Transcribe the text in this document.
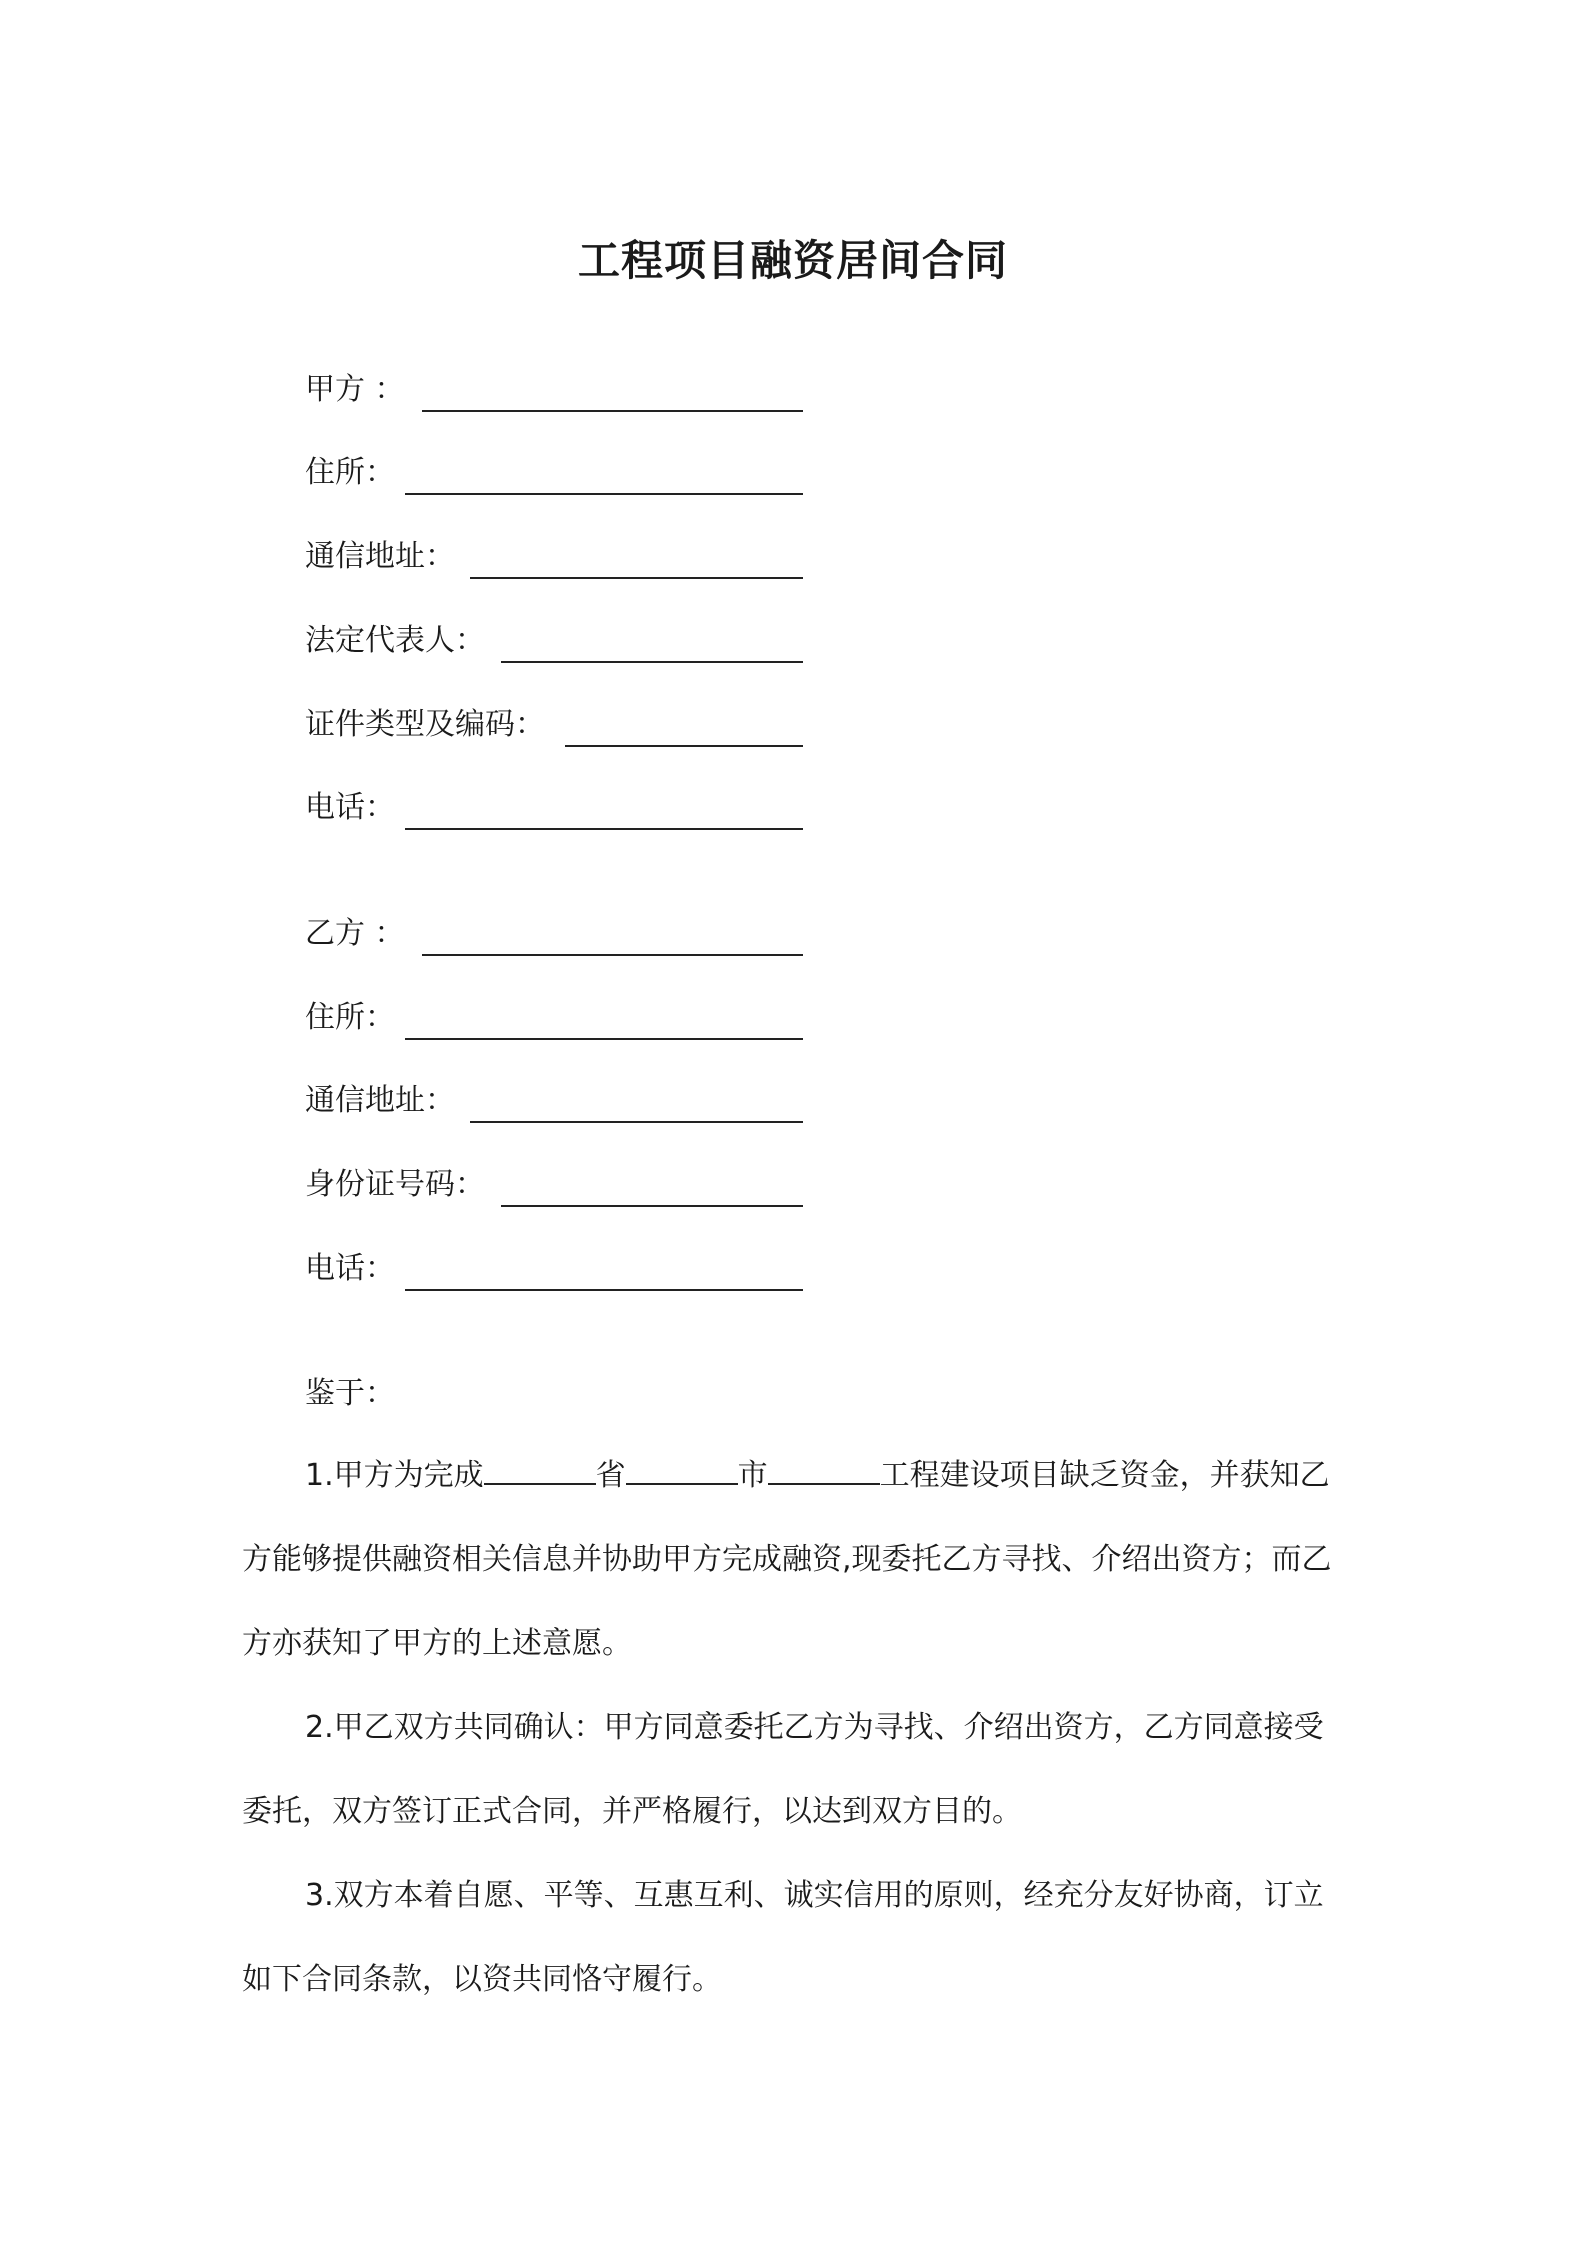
工程项目融资居间合同
甲方 ：
住所：
通信地址：
法定代表人：
证件类型及编码：
电话：
乙方 ：
住所：
通信地址：
身份证号码：
电话：
鉴于：
1.甲方为完成	省	市	工程建设项目缺乏资金，并获知乙方能够提供融资相关信息并协助甲方完成融资,现委托乙方寻找、介绍出资方；而乙方亦获知了甲方的上述意愿。
2.甲乙双方共同确认：甲方同意委托乙方为寻找、介绍出资方，乙方同意接受委托，双方签订正式合同，并严格履行，以达到双方目的。
3.双方本着自愿、平等、互惠互利、诚实信用的原则，经充分友好协商，订立如下合同条款，以资共同恪守履行。
